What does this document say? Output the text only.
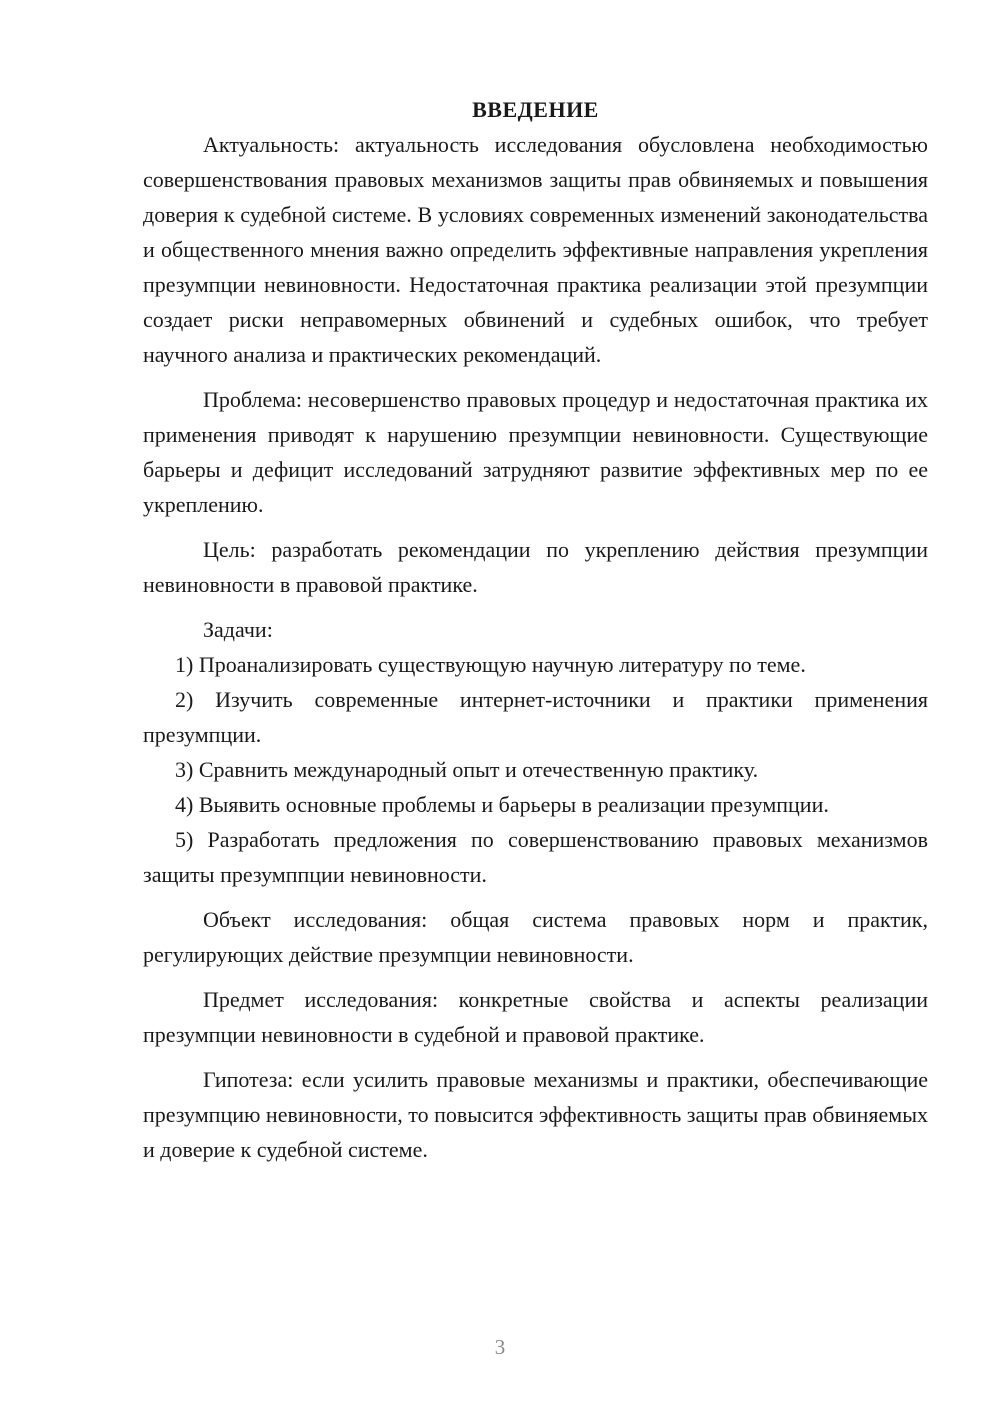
ВВЕДЕНИЕ

Актуальность: актуальность исследования обусловлена необходимостью совершенствования правовых механизмов защиты прав обвиняемых и повышения доверия к судебной системе. В условиях современных изменений законодательства и общественного мнения важно определить эффективные направления укрепления презумпции невиновности. Недостаточная практика реализации этой презумпции создает риски неправомерных обвинений и судебных ошибок, что требует научного анализа и практических рекомендаций.

Проблема: несовершенство правовых процедур и недостаточная практика их применения приводят к нарушению презумпции невиновности. Существующие барьеры и дефицит исследований затрудняют развитие эффективных мер по ее укреплению.

Цель: разработать рекомендации по укреплению действия презумпции невиновности в правовой практике.

Задачи:

1) Проанализировать существующую научную литературу по теме.

2) Изучить современные интернет-источники и практики применения презумпции.

3) Сравнить международный опыт и отечественную практику.

4) Выявить основные проблемы и барьеры в реализации презумпции.

5) Разработать предложения по совершенствованию правовых механизмов защиты презумппции невиновности.

Объект исследования: общая система правовых норм и практик, регулирующих действие презумпции невиновности.

Предмет исследования: конкретные свойства и аспекты реализации презумпции невиновности в судебной и правовой практике.

Гипотеза: если усилить правовые механизмы и практики, обеспечивающие презумпцию невиновности, то повысится эффективность защиты прав обвиняемых и доверие к судебной системе.

3
